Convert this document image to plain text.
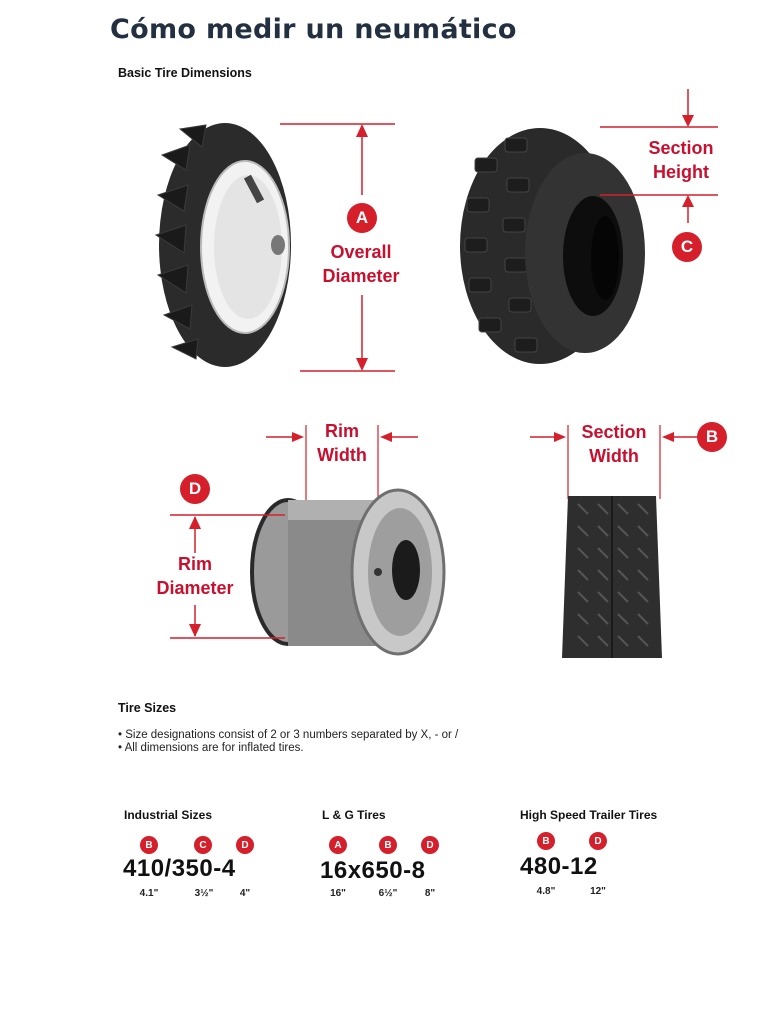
Cómo medir un neumático
Basic Tire Dimensions
A
Overall
Diameter
Section
Height
C
Rim
Width
D
Rim
Diameter
Section
Width
B
Tire Sizes
• Size designations consist of 2 or 3 numbers separated by X, - or /
• All dimensions are for inflated tires.
Industrial Sizes
B	C	D
410/350-4
4.1"	3½"	4"
L & G Tires
A	B	D
16x650-8
16"	6½"	8"
High Speed Trailer Tires
B	D
480-12
4.8"	12"
